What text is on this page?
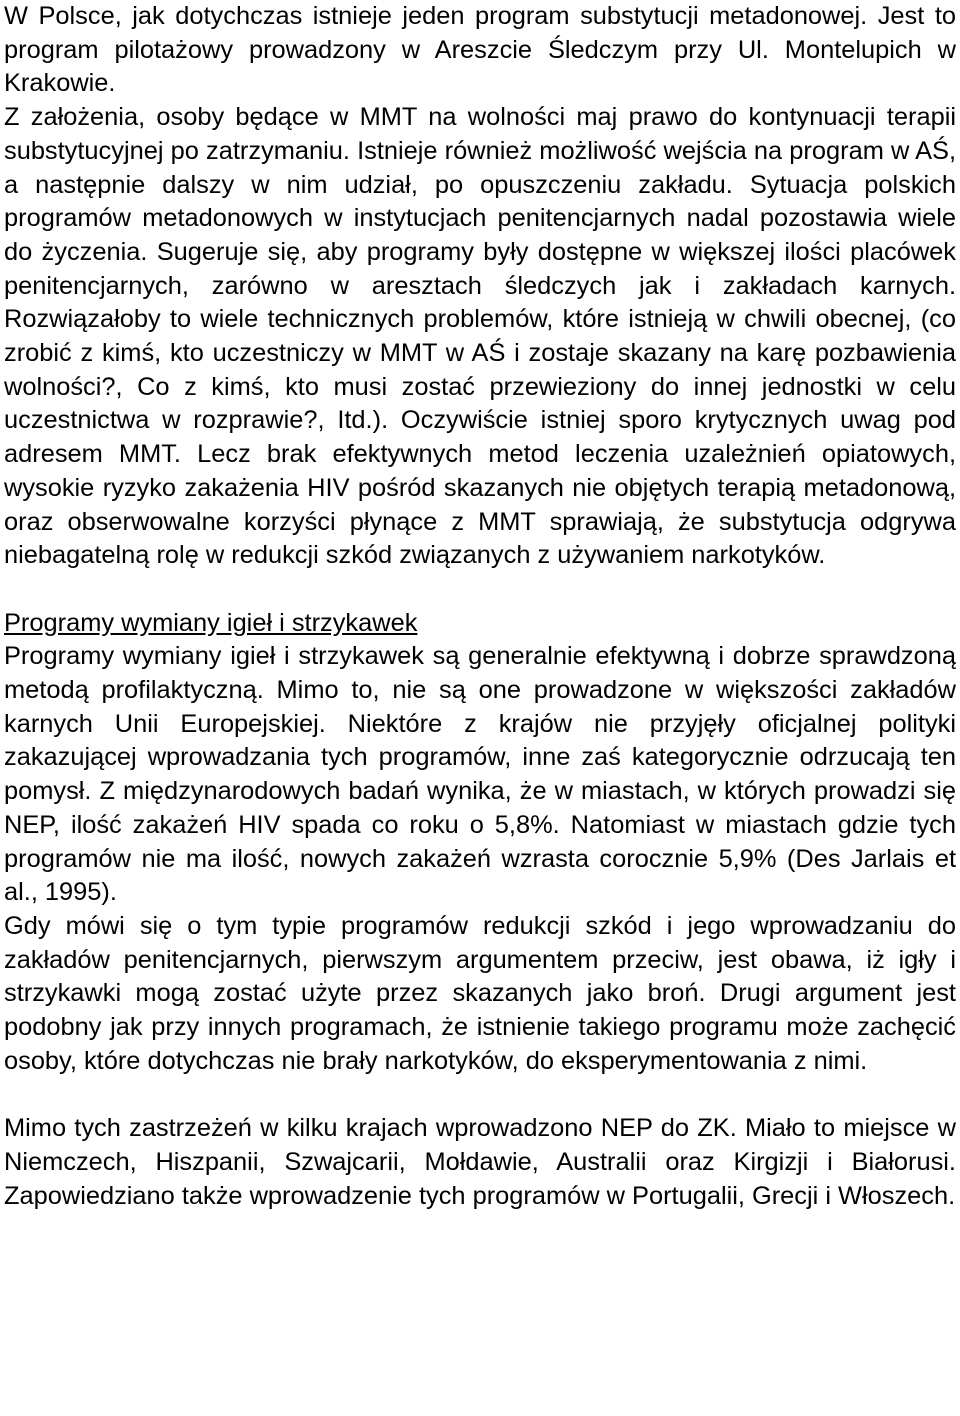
W Polsce, jak dotychczas istnieje jeden program substytucji metadonowej. Jest to program pilotażowy prowadzony w Areszcie Śledczym przy Ul. Montelupich w Krakowie.

Z założenia, osoby będące w MMT na wolności maj prawo do kontynuacji terapii substytucyjnej po zatrzymaniu. Istnieje również możliwość wejścia na program w AŚ, a następnie dalszy w nim udział, po opuszczeniu zakładu. Sytuacja polskich programów metadonowych w instytucjach penitencjarnych nadal pozostawia wiele do życzenia. Sugeruje się, aby programy były dostępne w większej ilości placówek penitencjarnych, zarówno w aresztach śledczych jak i zakładach karnych. Rozwiązałoby to wiele technicznych problemów, które istnieją w chwili obecnej, (co zrobić z kimś, kto uczestniczy w MMT w AŚ i zostaje skazany na karę pozbawienia wolności?, Co z kimś, kto musi zostać przewieziony do innej jednostki w celu uczestnictwa w rozprawie?, Itd.). Oczywiście istniej sporo krytycznych uwag pod adresem MMT. Lecz brak efektywnych metod leczenia uzależnień opiatowych, wysokie ryzyko zakażenia HIV pośród skazanych nie objętych terapią metadonową, oraz obserwowalne korzyści płynące z MMT sprawiają, że substytucja odgrywa niebagatelną rolę w redukcji szkód związanych z używaniem narkotyków.

Programy wymiany igieł i strzykawek

Programy wymiany igieł i strzykawek są generalnie efektywną i dobrze sprawdzoną metodą profilaktyczną. Mimo to, nie są one prowadzone w większości zakładów karnych Unii Europejskiej. Niektóre z krajów nie przyjęły oficjalnej polityki zakazującej wprowadzania tych programów, inne zaś kategorycznie odrzucają ten pomysł. Z międzynarodowych badań wynika, że w miastach, w których prowadzi się NEP, ilość zakażeń HIV spada co roku o 5,8%. Natomiast w miastach gdzie tych programów nie ma ilość, nowych zakażeń wzrasta corocznie 5,9% (Des Jarlais et al., 1995).

Gdy mówi się o tym typie programów redukcji szkód i jego wprowadzaniu do zakładów penitencjarnych, pierwszym argumentem przeciw, jest obawa, iż igły i strzykawki mogą zostać użyte przez skazanych jako broń. Drugi argument jest podobny jak przy innych programach, że istnienie takiego programu może zachęcić osoby, które dotychczas nie brały narkotyków, do eksperymentowania z nimi.

Mimo tych zastrzeżeń w kilku krajach wprowadzono NEP do ZK. Miało to miejsce w Niemczech, Hiszpanii, Szwajcarii, Mołdawie, Australii oraz Kirgizji i Białorusi. Zapowiedziano także wprowadzenie tych programów w Portugalii, Grecji i Włoszech.
